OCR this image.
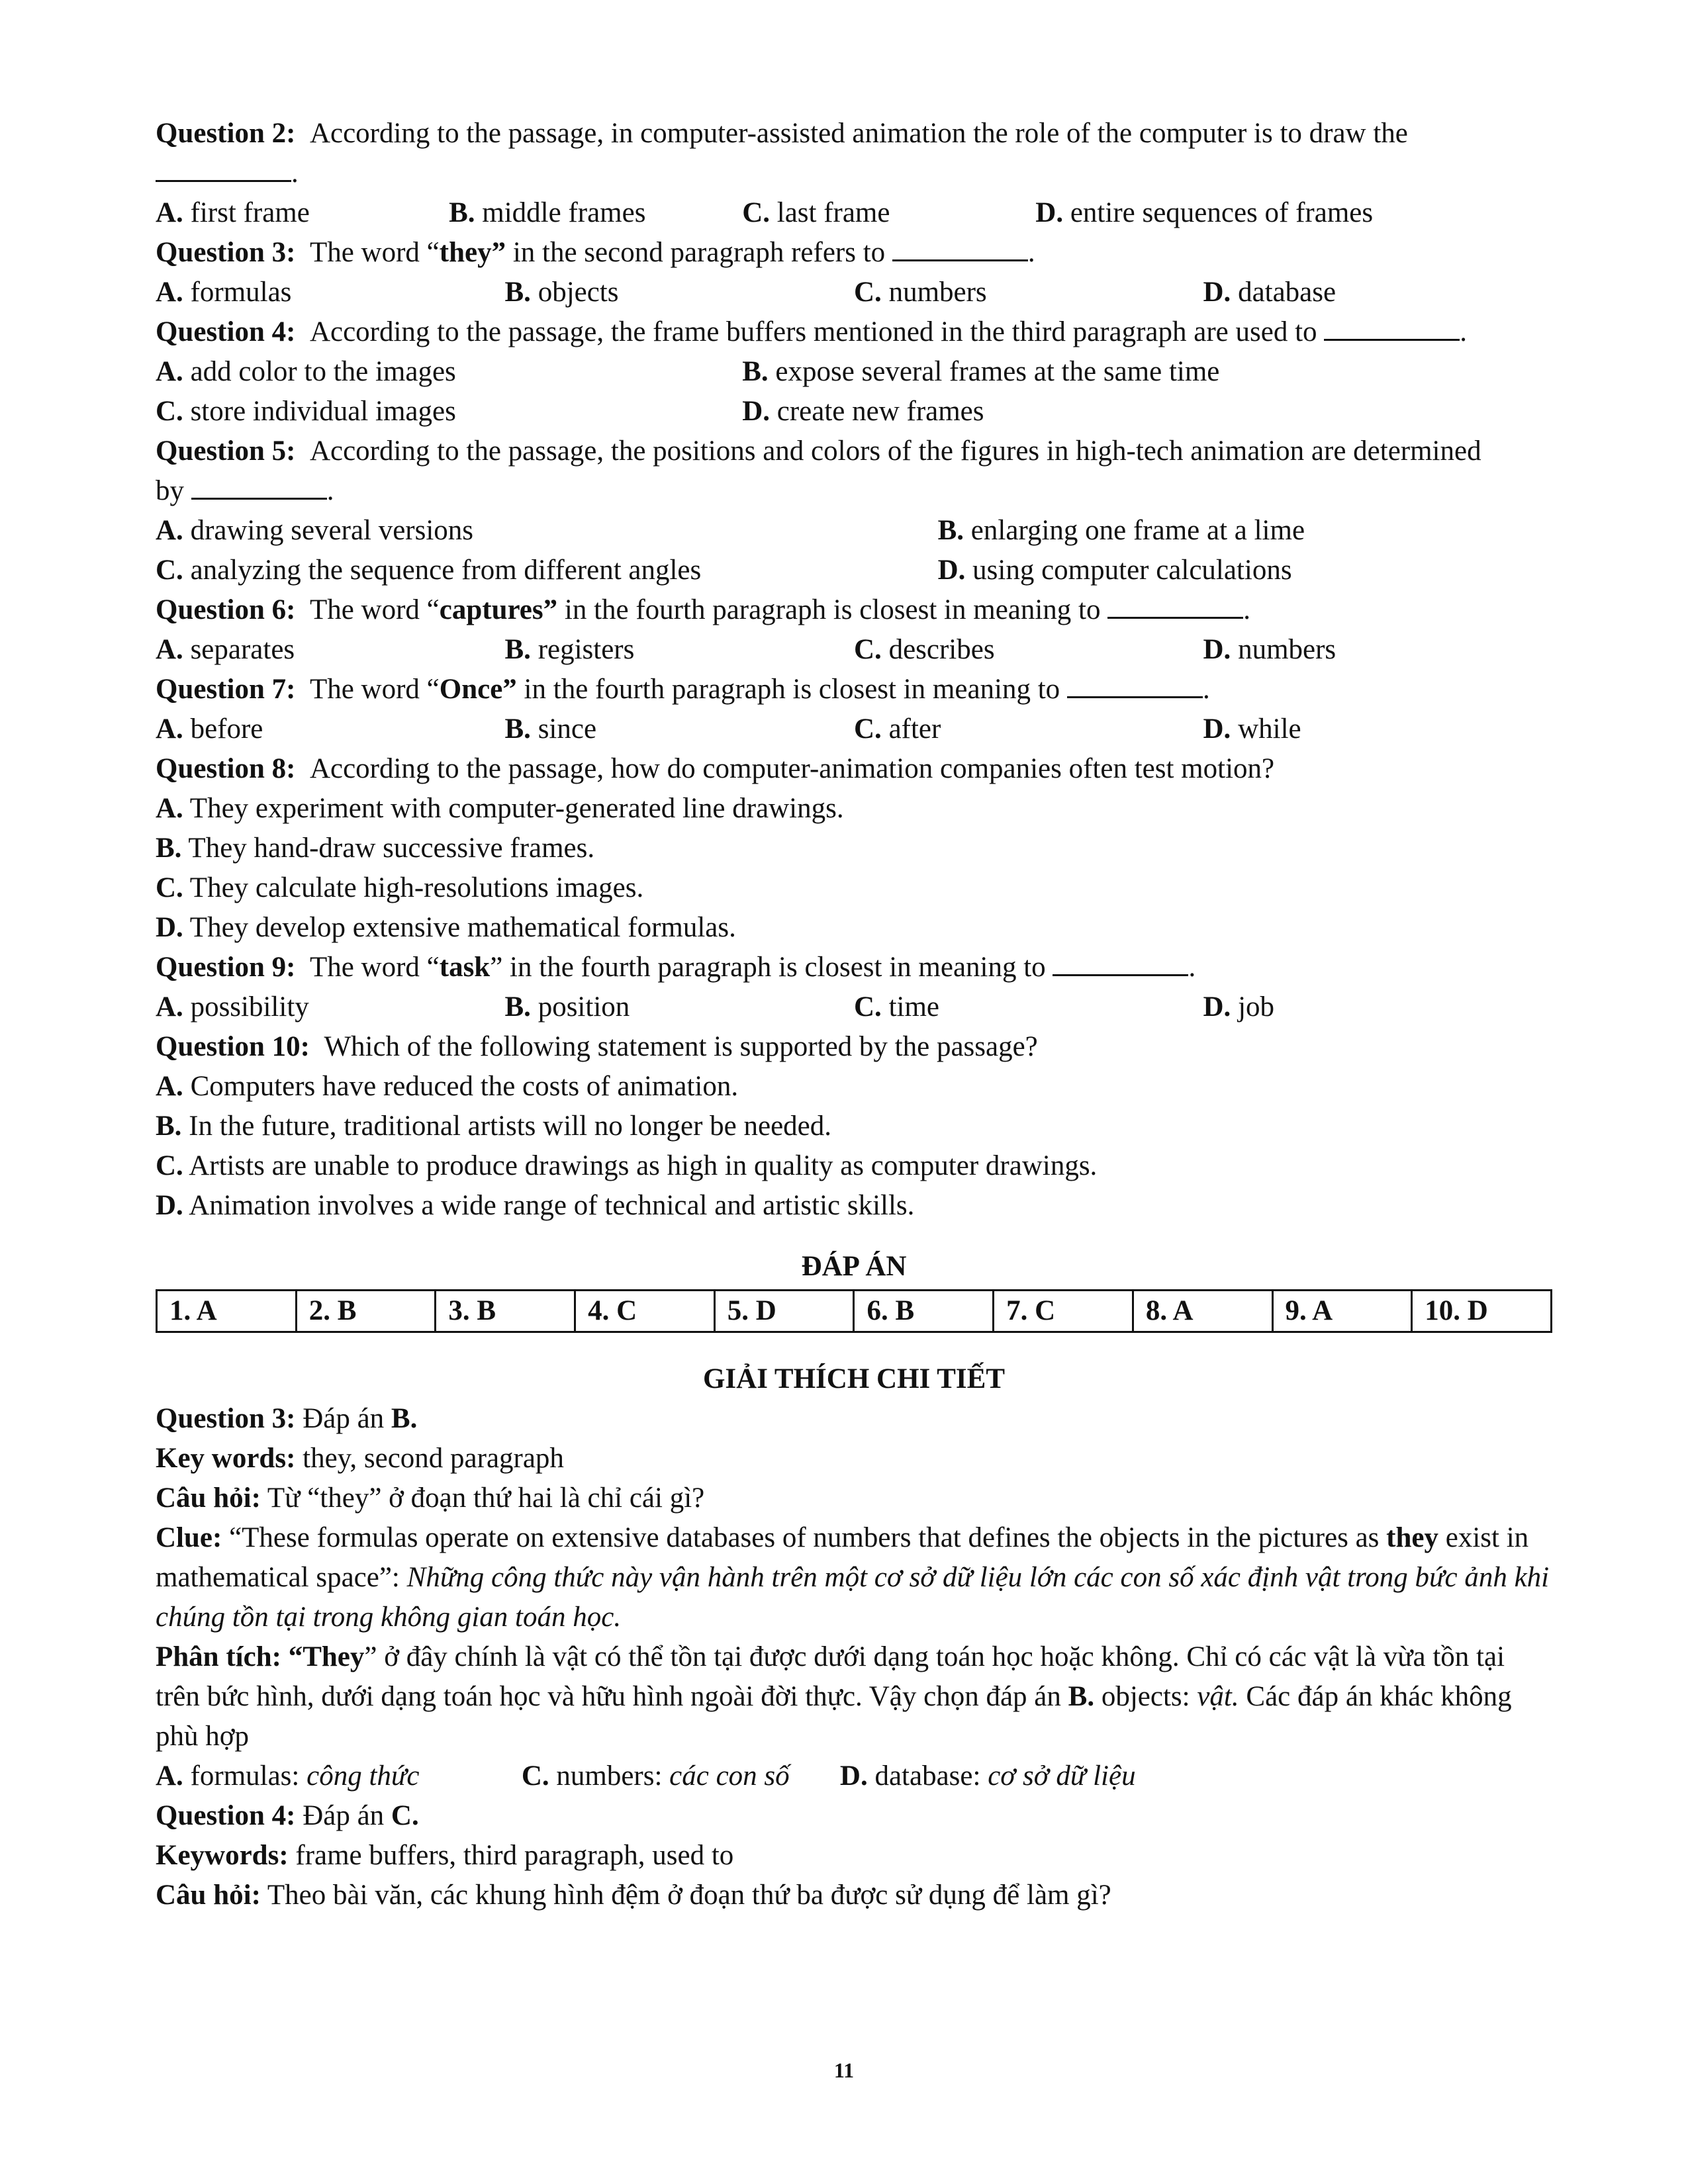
Question 2: According to the passage, in computer-assisted animation the role of the computer is to draw the
.
A. first frame	B. middle frames	C. last frame	D. entire sequences of frames
Question 3: The word “they” in the second paragraph refers to	.
A. formulas	B. objects	C. numbers	D. database
Question 4: According to the passage, the frame buffers mentioned in the third paragraph are used to	.
A. add color to the images	B. expose several frames at the same time
C. store individual images	D. create new frames
Question 5: According to the passage, the positions and colors of the figures in high-tech animation are determined
by	.
A. drawing several versions	B. enlarging one frame at a lime
C. analyzing the sequence from different angles	D. using computer calculations
Question 6: The word “captures” in the fourth paragraph is closest in meaning to	.
A. separates	B. registers	C. describes	D. numbers
Question 7: The word “Once” in the fourth paragraph is closest in meaning to	.
A. before	B. since	C. after	D. while
Question 8: According to the passage, how do computer-animation companies often test motion?
A. They experiment with computer-generated line drawings.
B. They hand-draw successive frames.
C. They calculate high-resolutions images.
D. They develop extensive mathematical formulas.
Question 9: The word “task” in the fourth paragraph is closest in meaning to	.
A. possibility	B. position	C. time	D. job
Question 10: Which of the following statement is supported by the passage?
A. Computers have reduced the costs of animation.
B. In the future, traditional artists will no longer be needed.
C. Artists are unable to produce drawings as high in quality as computer drawings.
D. Animation involves a wide range of technical and artistic skills.
ĐÁP ÁN
1. A	2. B	3. B	4. C	5. D	6. B	7. C	8. A	9. A	10. D
GIẢI THÍCH CHI TIẾT
Question 3: Đáp án B.
Key words: they, second paragraph
Câu hỏi: Từ “they” ở đoạn thứ hai là chỉ cái gì?
Clue: “These formulas operate on extensive databases of numbers that defines the objects in the pictures as they exist in mathematical space”: Những công thức này vận hành trên một cơ sở dữ liệu lớn các con số xác định vật trong bức ảnh khi chúng tồn tại trong không gian toán học.
Phân tích: “They” ở đây chính là vật có thể tồn tại được dưới dạng toán học hoặc không. Chỉ có các vật là vừa tồn tại trên bức hình, dưới dạng toán học và hữu hình ngoài đời thực. Vậy chọn đáp án B. objects: vật. Các đáp án khác không phù hợp
A. formulas: công thức	C. numbers: các con số	D. database: cơ sở dữ liệu
Question 4: Đáp án C.
Keywords: frame buffers, third paragraph, used to
Câu hỏi: Theo bài văn, các khung hình đệm ở đoạn thứ ba được sử dụng để làm gì?
11
